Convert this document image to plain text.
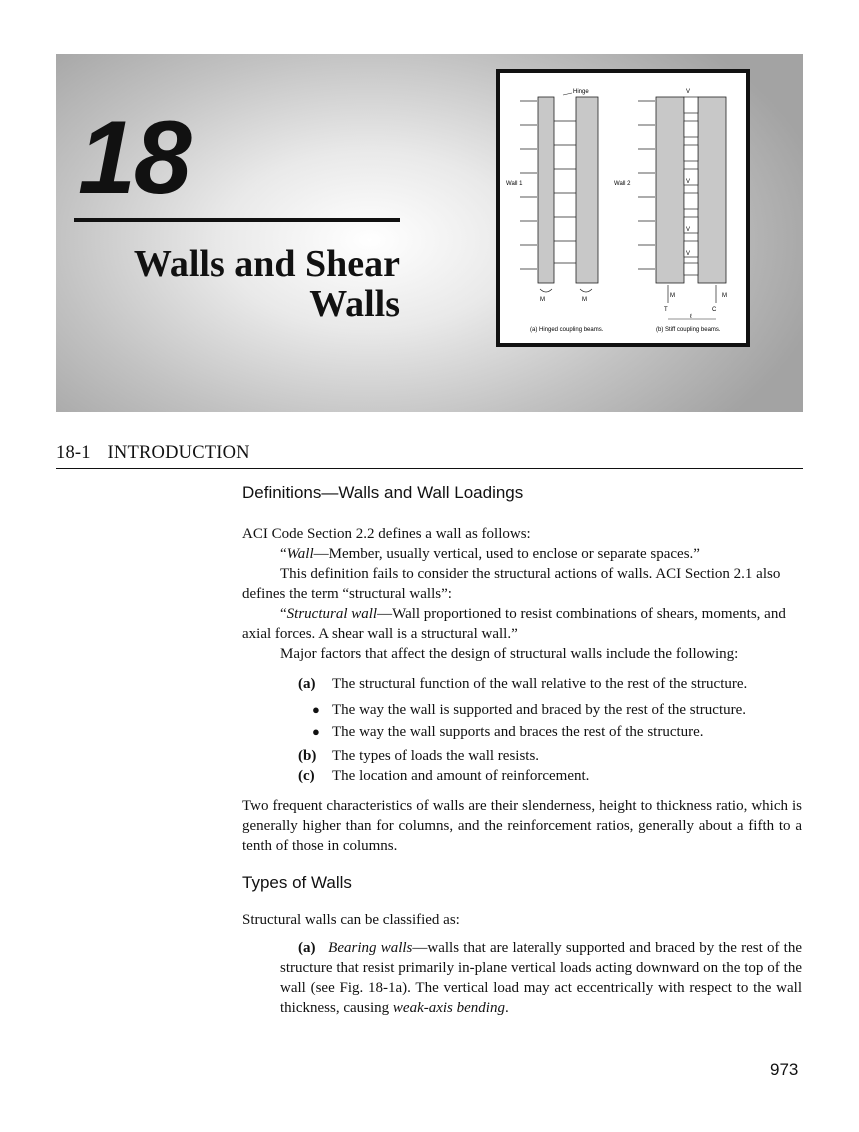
18
Walls and Shear
Walls
Hinge
Wall 1	Wall 2
M	M
V
V
V
V
M	M
T	C
ℓ
(a) Hinged coupling beams.	(b) Stiff coupling beams.
18-1 INTRODUCTION

Definitions—Walls and Wall Loadings

ACI Code Section 2.2 defines a wall as follows:

“Wall—Member, usually vertical, used to enclose or separate spaces.”

This definition fails to consider the structural actions of walls. ACI Section 2.1 also defines the term “structural walls”:

“Structural wall—Wall proportioned to resist combinations of shears, moments, and axial forces. A shear wall is a structural wall.”

Major factors that affect the design of structural walls include the following:

(a) The structural function of the wall relative to the rest of the structure.

● The way the wall is supported and braced by the rest of the structure.

● The way the wall supports and braces the rest of the structure.

(b) The types of loads the wall resists.

(c) The location and amount of reinforcement.

Two frequent characteristics of walls are their slenderness, height to thickness ratio, which is generally higher than for columns, and the reinforcement ratios, generally about a fifth to a tenth of those in columns.

Types of Walls

Structural walls can be classified as:

(a) Bearing walls—walls that are laterally supported and braced by the rest of the structure that resist primarily in-plane vertical loads acting downward on the top of the wall (see Fig. 18-1a). The vertical load may act eccentrically with respect to the wall thickness, causing weak-axis bending.

973
